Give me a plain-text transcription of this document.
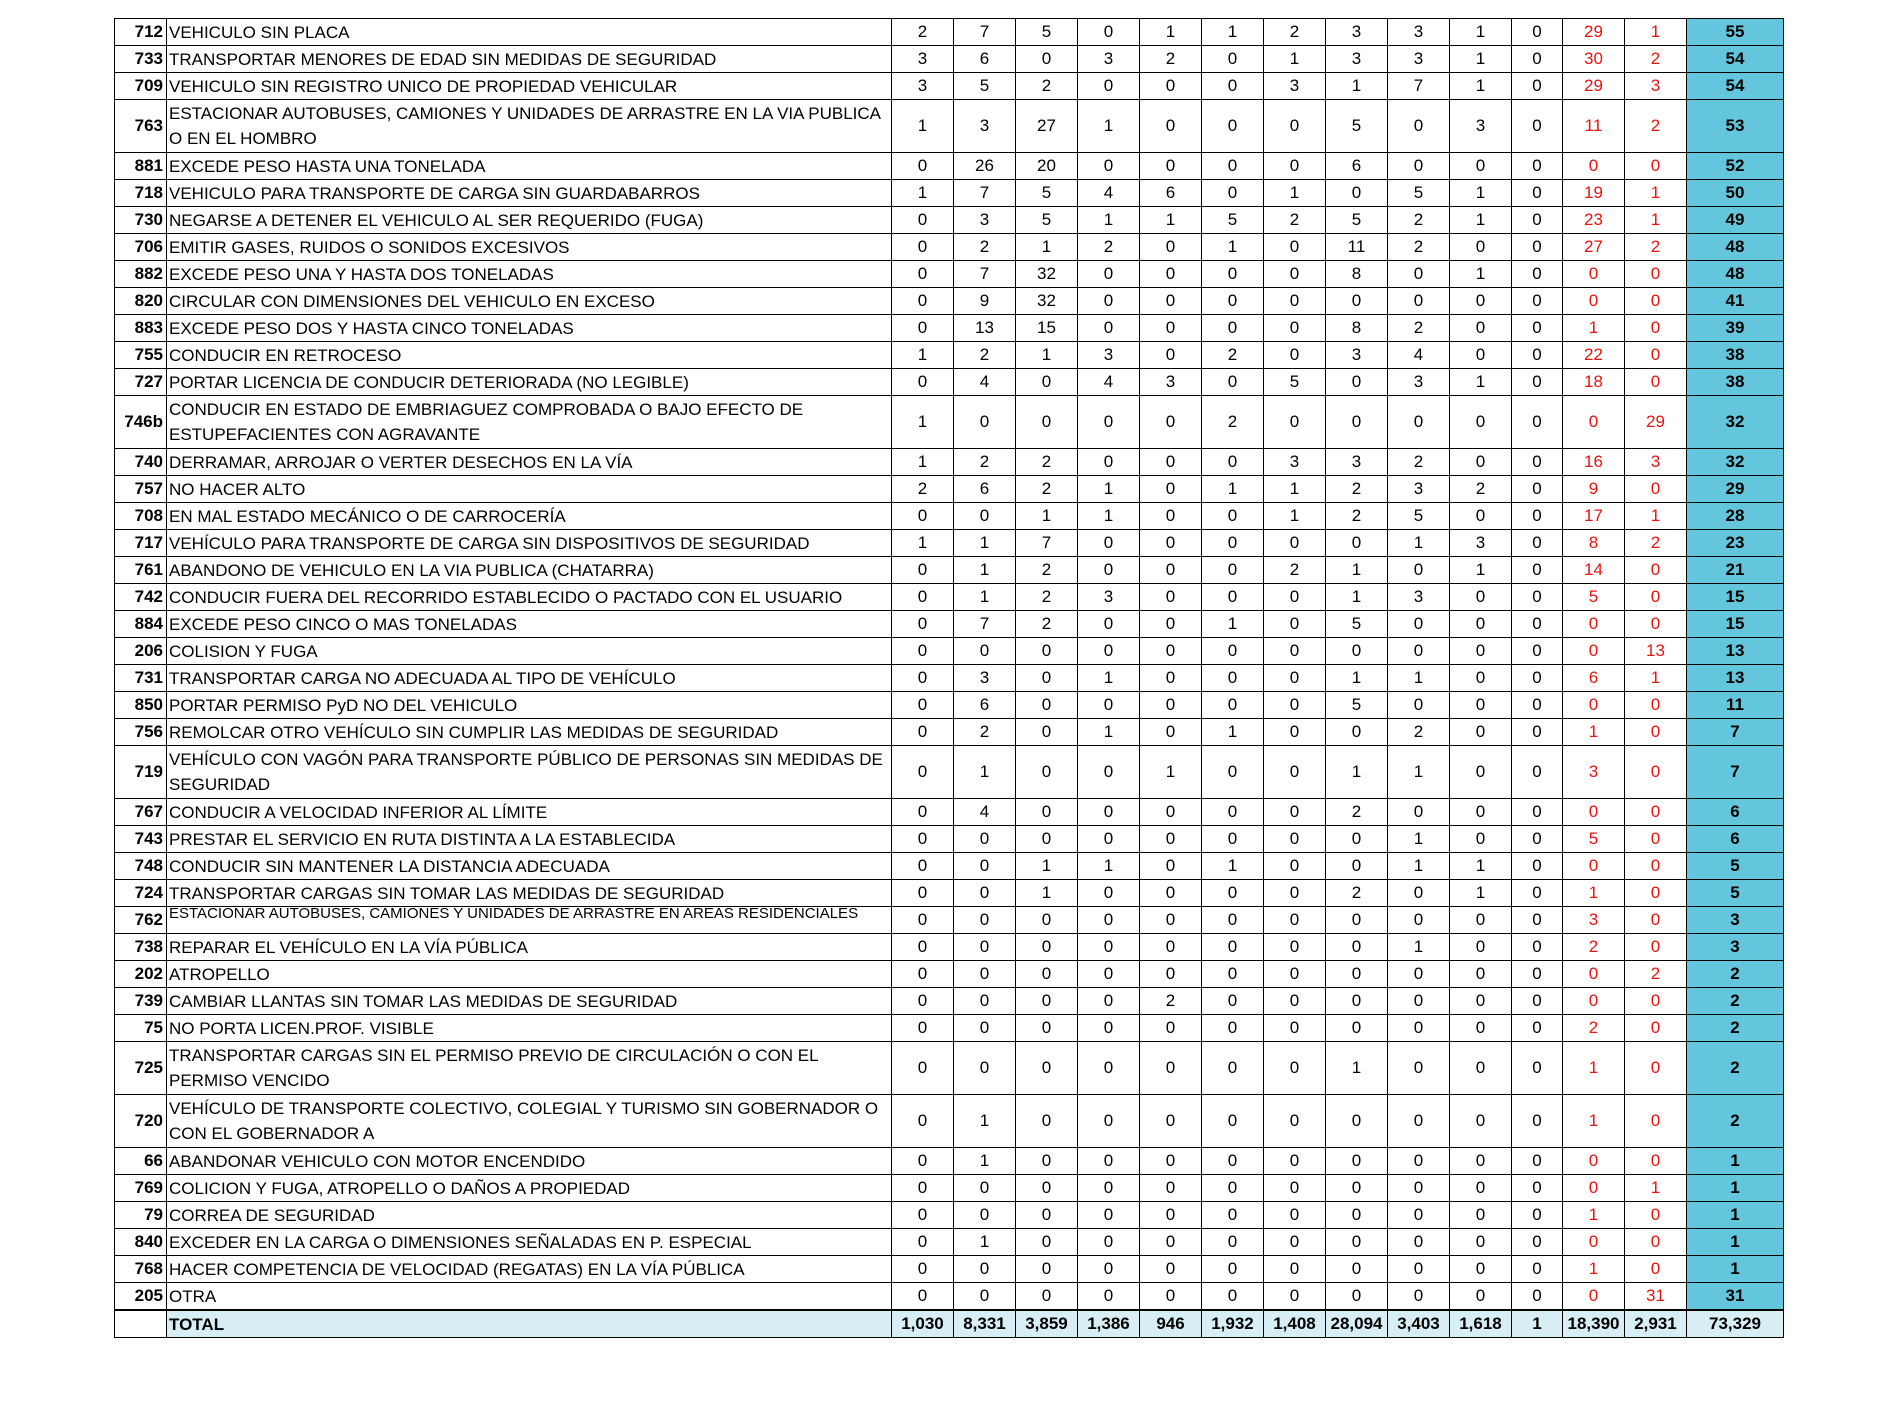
712	VEHICULO SIN PLACA	2	7	5	0	1	1	2	3	3	1	0	29	1	55
733	TRANSPORTAR MENORES DE EDAD SIN MEDIDAS DE SEGURIDAD	3	6	0	3	2	0	1	3	3	1	0	30	2	54
709	VEHICULO SIN REGISTRO UNICO DE PROPIEDAD VEHICULAR	3	5	2	0	0	0	3	1	7	1	0	29	3	54
763	ESTACIONAR AUTOBUSES, CAMIONES Y UNIDADES DE ARRASTRE EN LA VIA PUBLICA O EN EL HOMBRO	1	3	27	1	0	0	0	5	0	3	0	11	2	53
881	EXCEDE PESO HASTA UNA TONELADA	0	26	20	0	0	0	0	6	0	0	0	0	0	52
718	VEHICULO PARA TRANSPORTE DE CARGA SIN GUARDABARROS	1	7	5	4	6	0	1	0	5	1	0	19	1	50
730	NEGARSE A DETENER EL VEHICULO AL SER REQUERIDO (FUGA)	0	3	5	1	1	5	2	5	2	1	0	23	1	49
706	EMITIR GASES, RUIDOS O SONIDOS EXCESIVOS	0	2	1	2	0	1	0	11	2	0	0	27	2	48
882	EXCEDE PESO UNA Y HASTA DOS TONELADAS	0	7	32	0	0	0	0	8	0	1	0	0	0	48
820	CIRCULAR CON DIMENSIONES DEL VEHICULO EN EXCESO	0	9	32	0	0	0	0	0	0	0	0	0	0	41
883	EXCEDE PESO DOS Y HASTA CINCO TONELADAS	0	13	15	0	0	0	0	8	2	0	0	1	0	39
755	CONDUCIR EN RETROCESO	1	2	1	3	0	2	0	3	4	0	0	22	0	38
727	PORTAR LICENCIA DE CONDUCIR DETERIORADA (NO LEGIBLE)	0	4	0	4	3	0	5	0	3	1	0	18	0	38
746b	CONDUCIR EN ESTADO DE EMBRIAGUEZ COMPROBADA O BAJO EFECTO DE ESTUPEFACIENTES CON AGRAVANTE	1	0	0	0	0	2	0	0	0	0	0	0	29	32
740	DERRAMAR, ARROJAR O VERTER DESECHOS EN LA VÍA	1	2	2	0	0	0	3	3	2	0	0	16	3	32
757	NO HACER ALTO	2	6	2	1	0	1	1	2	3	2	0	9	0	29
708	EN MAL ESTADO MECÁNICO O DE CARROCERÍA	0	0	1	1	0	0	1	2	5	0	0	17	1	28
717	VEHÍCULO PARA TRANSPORTE DE CARGA SIN DISPOSITIVOS DE SEGURIDAD	1	1	7	0	0	0	0	0	1	3	0	8	2	23
761	ABANDONO DE VEHICULO EN LA VIA PUBLICA (CHATARRA)	0	1	2	0	0	0	2	1	0	1	0	14	0	21
742	CONDUCIR FUERA DEL RECORRIDO ESTABLECIDO O PACTADO CON EL USUARIO	0	1	2	3	0	0	0	1	3	0	0	5	0	15
884	EXCEDE PESO CINCO O MAS TONELADAS	0	7	2	0	0	1	0	5	0	0	0	0	0	15
206	COLISION Y FUGA	0	0	0	0	0	0	0	0	0	0	0	0	13	13
731	TRANSPORTAR CARGA NO ADECUADA AL TIPO DE VEHÍCULO	0	3	0	1	0	0	0	1	1	0	0	6	1	13
850	PORTAR PERMISO PyD NO DEL VEHICULO	0	6	0	0	0	0	0	5	0	0	0	0	0	11
756	REMOLCAR OTRO VEHÍCULO SIN CUMPLIR LAS MEDIDAS DE SEGURIDAD	0	2	0	1	0	1	0	0	2	0	0	1	0	7
719	VEHÍCULO CON VAGÓN PARA TRANSPORTE PÚBLICO DE PERSONAS SIN MEDIDAS DE SEGURIDAD	0	1	0	0	1	0	0	1	1	0	0	3	0	7
767	CONDUCIR A VELOCIDAD INFERIOR AL LÍMITE	0	4	0	0	0	0	0	2	0	0	0	0	0	6
743	PRESTAR EL SERVICIO EN RUTA DISTINTA A LA ESTABLECIDA	0	0	0	0	0	0	0	0	1	0	0	5	0	6
748	CONDUCIR SIN MANTENER LA DISTANCIA ADECUADA	0	0	1	1	0	1	0	0	1	1	0	0	0	5
724	TRANSPORTAR CARGAS SIN TOMAR LAS MEDIDAS DE SEGURIDAD	0	0	1	0	0	0	0	2	0	1	0	1	0	5
762	ESTACIONAR AUTOBUSES, CAMIONES Y UNIDADES DE ARRASTRE EN AREAS RESIDENCIALES	0	0	0	0	0	0	0	0	0	0	0	3	0	3
738	REPARAR EL VEHÍCULO EN LA VÍA PÚBLICA	0	0	0	0	0	0	0	0	1	0	0	2	0	3
202	ATROPELLO	0	0	0	0	0	0	0	0	0	0	0	0	2	2
739	CAMBIAR LLANTAS SIN TOMAR LAS MEDIDAS DE SEGURIDAD	0	0	0	0	2	0	0	0	0	0	0	0	0	2
75	NO PORTA LICEN.PROF. VISIBLE	0	0	0	0	0	0	0	0	0	0	0	2	0	2
725	TRANSPORTAR CARGAS SIN EL PERMISO PREVIO DE CIRCULACIÓN O CON EL PERMISO VENCIDO	0	0	0	0	0	0	0	1	0	0	0	1	0	2
720	VEHÍCULO DE TRANSPORTE COLECTIVO, COLEGIAL Y TURISMO SIN GOBERNADOR O CON EL GOBERNADOR A	0	1	0	0	0	0	0	0	0	0	0	1	0	2
66	ABANDONAR VEHICULO CON MOTOR ENCENDIDO	0	1	0	0	0	0	0	0	0	0	0	0	0	1
769	COLICION Y FUGA, ATROPELLO O DAÑOS A PROPIEDAD	0	0	0	0	0	0	0	0	0	0	0	0	1	1
79	CORREA DE SEGURIDAD	0	0	0	0	0	0	0	0	0	0	0	1	0	1
840	EXCEDER EN LA CARGA O DIMENSIONES SEÑALADAS EN P. ESPECIAL	0	1	0	0	0	0	0	0	0	0	0	0	0	1
768	HACER COMPETENCIA DE VELOCIDAD (REGATAS) EN LA VÍA PÚBLICA	0	0	0	0	0	0	0	0	0	0	0	1	0	1
205	OTRA	0	0	0	0	0	0	0	0	0	0	0	0	31	31
	TOTAL	1,030	8,331	3,859	1,386	946	1,932	1,408	28,094	3,403	1,618	1	18,390	2,931	73,329
